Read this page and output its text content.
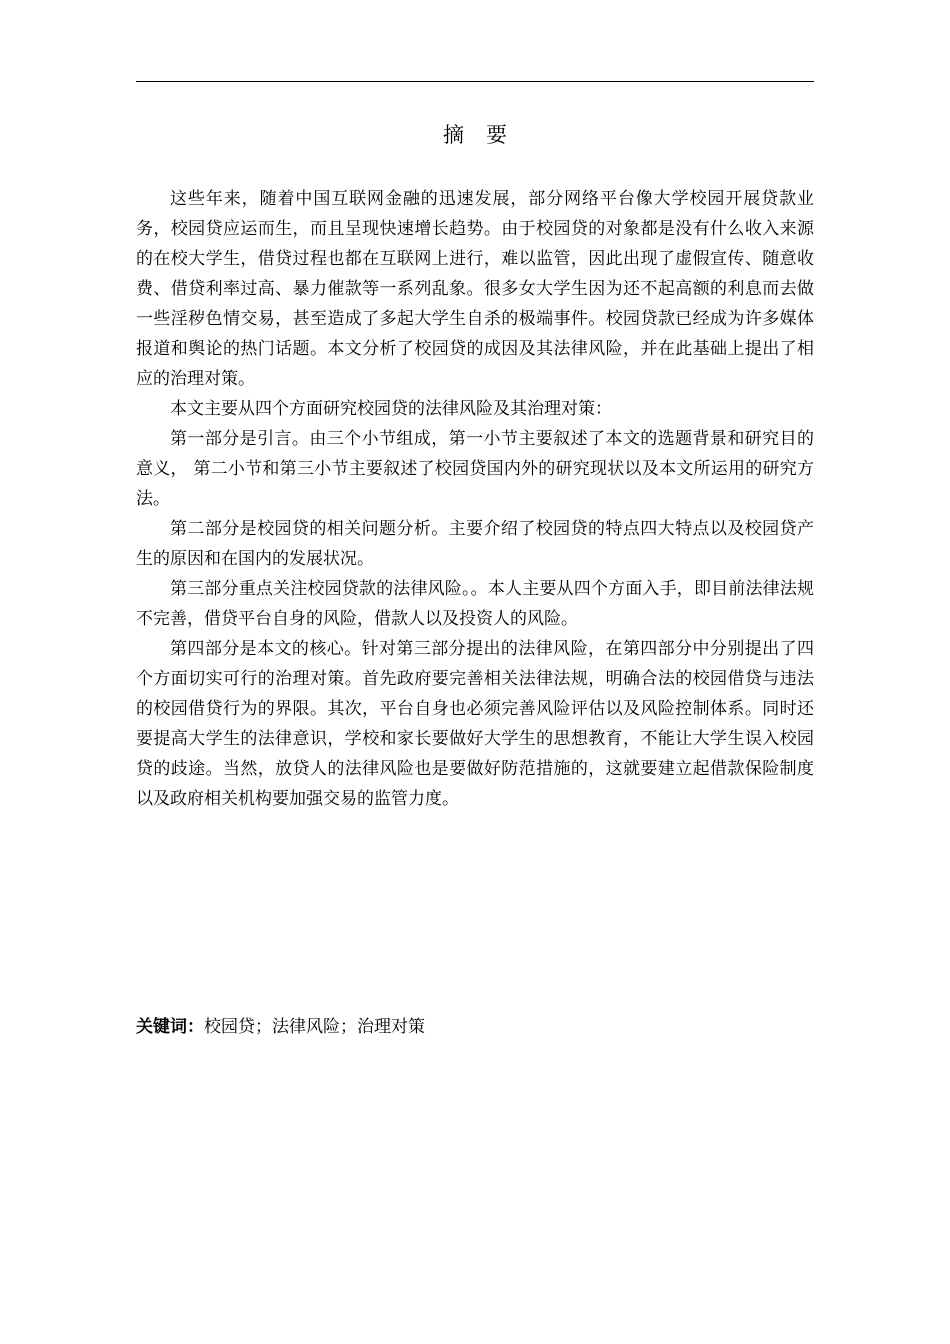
摘 要

这些年来，随着中国互联网金融的迅速发展，部分网络平台像大学校园开展贷款业务，校园贷应运而生，而且呈现快速增长趋势。由于校园贷的对象都是没有什么收入来源的在校大学生，借贷过程也都在互联网上进行，难以监管，因此出现了虚假宣传、随意收费、借贷利率过高、暴力催款等一系列乱象。很多女大学生因为还不起高额的利息而去做一些淫秽色情交易，甚至造成了多起大学生自杀的极端事件。校园贷款已经成为许多媒体报道和舆论的热门话题。本文分析了校园贷的成因及其法律风险，并在此基础上提出了相应的治理对策。

本文主要从四个方面研究校园贷的法律风险及其治理对策：

第一部分是引言。由三个小节组成，第一小节主要叙述了本文的选题背景和研究目的意义， 第二小节和第三小节主要叙述了校园贷国内外的研究现状以及本文所运用的研究方法。

第二部分是校园贷的相关问题分析。主要介绍了校园贷的特点四大特点以及校园贷产生的原因和在国内的发展状况。

第三部分重点关注校园贷款的法律风险。。本人主要从四个方面入手，即目前法律法规不完善，借贷平台自身的风险，借款人以及投资人的风险。

第四部分是本文的核心。针对第三部分提出的法律风险，在第四部分中分别提出了四个方面切实可行的治理对策。首先政府要完善相关法律法规，明确合法的校园借贷与违法的校园借贷行为的界限。其次，平台自身也必须完善风险评估以及风险控制体系。同时还要提高大学生的法律意识，学校和家长要做好大学生的思想教育，不能让大学生误入校园贷的歧途。当然，放贷人的法律风险也是要做好防范措施的，这就要建立起借款保险制度以及政府相关机构要加强交易的监管力度。

关键词：校园贷；法律风险；治理对策
